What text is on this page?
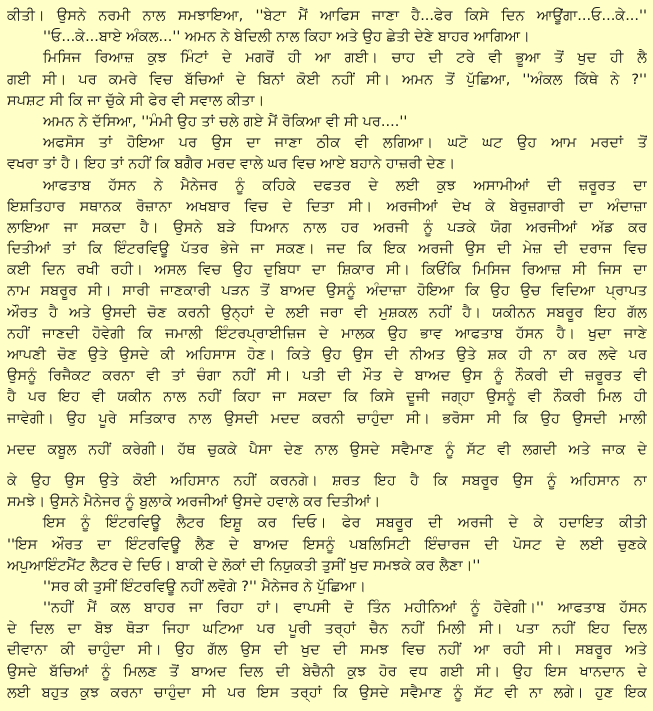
ਕੀਤੀ। ਉਸਨੇ ਨਰਮੀ ਨਾਲ ਸਮਝਾਇਆ, ''ਬੇਟਾ ਮੈਂ ਆਫਿਸ ਜਾਣਾ ਹੈ...ਫੇਰ ਕਿਸੇ ਦਿਨ ਆਊਂਗਾ...ਓ...ਕੇ...''
''ਓ...ਕੇ...ਬਾਏ ਅੰਕਲ...'' ਅਮਨ ਨੇ ਬੇਦਿਲੀ ਨਾਲ ਕਿਹਾ ਅਤੇ ਉਹ ਛੇਤੀ ਦੇਣੇ ਬਾਹਰ ਆਗਿਆ।
ਮਿਸਿਜ ਰਿਆਜ਼ ਕੁਝ ਮਿੰਟਾਂ ਦੇ ਮਗਰੋਂ ਹੀ ਆ ਗਈ। ਚਾਹ ਦੀ ਟਰੇ ਵੀ ਭੂਆ ਤੋਂ ਖੁਦ ਹੀ ਲੈ
ਗਈ ਸੀ। ਪਰ ਕਮਰੇ ਵਿਚ ਬੱਚਿਆਂ ਦੇ ਬਿਨਾਂ ਕੋਈ ਨਹੀਂ ਸੀ। ਅਮਨ ਤੋਂ ਪੁੱਛਿਆ, ''ਅੰਕਲ ਕਿੱਥੇ ਨੇ ?''
ਸਪਸ਼ਟ ਸੀ ਕਿ ਜਾ ਚੁੱਕੇ ਸੀ ਫੇਰ ਵੀ ਸਵਾਲ ਕੀਤਾ।
ਅਮਨ ਨੇ ਦੱਸਿਆ, ''ਮੰਮੀ ਉਹ ਤਾਂ ਚਲੇ ਗਏ ਮੈਂ ਰੋਕਿਆ ਵੀ ਸੀ ਪਰ....''
ਅਫਸੋਸ ਤਾਂ ਹੋਇਆ ਪਰ ਉਸ ਦਾ ਜਾਣਾ ਠੀਕ ਵੀ ਲਗਿਆ। ਘਟੋ ਘਟ ਉਹ ਆਮ ਮਰਦਾਂ ਤੋਂ
ਵਖਰਾ ਤਾਂ ਹੈ। ਇਹ ਤਾਂ ਨਹੀਂ ਕਿ ਬਗੈਰ ਮਰਦ ਵਾਲੇ ਘਰ ਵਿਚ ਆਏ ਬਹਾਨੇ ਹਾਜ਼ਰੀ ਦੇਣ।
ਆਫਤਾਬ ਹੱਸਨ ਨੇ ਮੈਨੇਜਰ ਨੂੰ ਕਹਿਕੇ ਦਫਤਰ ਦੇ ਲਈ ਕੁਝ ਅਸਾਮੀਆਂ ਦੀ ਜ਼ਰੂਰਤ ਦਾ
ਇਸ਼ਤਿਹਾਰ ਸਥਾਨਕ ਰੋਜ਼ਾਨਾ ਅਖਬਾਰ ਵਿਚ ਦੇ ਦਿਤਾ ਸੀ। ਅਰਜੀਆਂ ਦੇਖ ਕੇ ਬੇਰੁਜ਼ਗਾਰੀ ਦਾ ਅੰਦਾਜ਼ਾ
ਲਾਇਆ ਜਾ ਸਕਦਾ ਹੈ। ਉਸਨੇ ਬੜੇ ਧਿਆਨ ਨਾਲ ਹਰ ਅਰਜੀ ਨੂੰ ਪੜਕੇ ਯੋਗ ਅਰਜੀਆਂ ਅੱਡ ਕਰ
ਦਿਤੀਆਂ ਤਾਂ ਕਿ ਇੰਟਰਵਿਊ ਪੱਤਰ ਭੇਜੇ ਜਾ ਸਕਣ। ਜਦ ਕਿ ਇਕ ਅਰਜੀ ਉਸ ਦੀ ਮੇਜ਼ ਦੀ ਦਰਾਜ ਵਿਚ
ਕਈ ਦਿਨ ਰਖੀ ਰਹੀ। ਅਸਲ ਵਿਚ ਉਹ ਦੁਬਿਧਾ ਦਾ ਸ਼ਿਕਾਰ ਸੀ। ਕਿਓਂਕਿ ਮਿਸਿਜ ਰਿਆਜ਼ ਸੀ ਜਿਸ ਦਾ
ਨਾਮ ਸਬਰੂਰ ਸੀ। ਸਾਰੀ ਜਾਣਕਾਰੀ ਪੜਨ ਤੋਂ ਬਾਅਦ ਉਸਨੂੰ ਅੰਦਾਜ਼ਾ ਹੋਇਆ ਕਿ ਉਹ ਉਚ ਵਿਦਿਆ ਪ੍ਰਾਪਤ
ਔਰਤ ਹੈ ਅਤੇ ਉਸਦੀ ਚੋਣ ਕਰਨੀ ਉਨ੍ਹਾਂ ਦੇ ਲਈ ਜਰਾ ਵੀ ਮੁਸ਼ਕਲ ਨਹੀਂ ਹੈ। ਯਕੀਨਨ ਸਬਰੂਰ ਇਹ ਗੱਲ
ਨਹੀਂ ਜਾਣਦੀ ਹੋਵੇਗੀ ਕਿ ਜਮਾਲੀ ਇੰਟਰਪ੍ਰਾਈਜ਼ਿਜ ਦੇ ਮਾਲਕ ਉਹ ਭਾਵ ਆਫਤਾਬ ਹੱਸਨ ਹੈ। ਖੁਦਾ ਜਾਣੇ
ਆਪਣੀ ਚੋਣ ਉਤੇ ਉਸਦੇ ਕੀ ਅਹਿਸਾਸ ਹੋਣ। ਕਿਤੇ ਉਹ ਉਸ ਦੀ ਨੀਅਤ ਉਤੇ ਸ਼ਕ ਹੀ ਨਾ ਕਰ ਲਵੇ ਪਰ
ਉਸਨੂੰ ਰਿਜੈਕਟ ਕਰਨਾ ਵੀ ਤਾਂ ਚੰਗਾ ਨਹੀਂ ਸੀ। ਪਤੀ ਦੀ ਮੌਤ ਦੇ ਬਾਅਦ ਉਸ ਨੂੰ ਨੌਕਰੀ ਦੀ ਜ਼ਰੂਰਤ ਵੀ
ਹੈ ਪਰ ਇਹ ਵੀ ਯਕੀਨ ਨਾਲ ਨਹੀਂ ਕਿਹਾ ਜਾ ਸਕਦਾ ਕਿ ਕਿਸੇ ਦੂਜੀ ਜਗ੍ਹਾ ਉਸਨੂੰ ਵੀ ਨੌਕਰੀ ਮਿਲ ਹੀ
ਜਾਵੇਗੀ। ਉਹ ਪੂਰੇ ਸਤਿਕਾਰ ਨਾਲ ਉਸਦੀ ਮਦਦ ਕਰਨੀ ਚਾਹੁੰਦਾ ਸੀ। ਭਰੋਸਾ ਸੀ ਕਿ ਉਹ ਉਸਦੀ ਮਾਲੀ
ਮਦਦ ਕਬੂਲ ਨਹੀਂ ਕਰੇਗੀ। ਹੱਥ ਚੁਕਕੇ ਪੈਸਾ ਦੇਣ ਨਾਲ ਉਸਦੇ ਸਵੈਮਾਣ ਨੂੰ ਸੱਟ ਵੀ ਲਗਦੀ ਅਤੇ ਜਾਕ ਦੇ
ਕੇ ਉਹ ਉਸ ਉਤੇ ਕੋਈ ਅਹਿਸਾਨ ਨਹੀਂ ਕਰਨਗੇ। ਸ਼ਰਤ ਇਹ ਹੈ ਕਿ ਸਬਰੂਰ ਉਸ ਨੂੰ ਅਹਿਸਾਨ ਨਾ
ਸਮਝੇ। ਉਸਨੇ ਮੈਨੇਜਰ ਨੂੰ ਬੁਲਾਕੇ ਅਰਜੀਆਂ ਉਸਦੇ ਹਵਾਲੇ ਕਰ ਦਿਤੀਆਂ।
ਇਸ ਨੂੰ ਇੰਟਰਵਿਊ ਲੈਟਰ ਇਸ਼ੂ ਕਰ ਦਿਓ। ਫੇਰ ਸਬਰੂਰ ਦੀ ਅਰਜੀ ਦੇ ਕੇ ਹਦਾਇਤ ਕੀਤੀ
''ਇਸ ਔਰਤ ਦਾ ਇੰਟਰਵਿਊ ਲੈਣ ਦੇ ਬਾਅਦ ਇਸਨੂੰ ਪਬਲਿਸਿਟੀ ਇੰਚਾਰਜ ਦੀ ਪੋਸਟ ਦੇ ਲਈ ਚੁਣਕੇ
ਅਪੁਆਇੰਟਮੈਂਟ ਲੈਟਰ ਦੇ ਦਿਓ। ਬਾਕੀ ਦੇ ਲੋਕਾਂ ਦੀ ਨਿਯੁਕਤੀ ਤੁਸੀਂ ਖੁਦ ਸਮਝਕੇ ਕਰ ਲੈਣਾ।''
''ਸਰ ਕੀ ਤੁਸੀਂ ਇੰਟਰਵਿਊ ਨਹੀਂ ਲਵੋਗੇ ?'' ਮੈਨੇਜਰ ਨੇ ਪੁੱਛਿਆ।
''ਨਹੀਂ ਮੈਂ ਕਲ ਬਾਹਰ ਜਾ ਰਿਹਾ ਹਾਂ। ਵਾਪਸੀ ਦੋ ਤਿੰਨ ਮਹੀਨਿਆਂ ਨੂੰ ਹੋਵੇਗੀ।'' ਆਫਤਾਬ ਹੱਸਨ
ਦੇ ਦਿਲ ਦਾ ਬੋਝ ਥੋੜਾ ਜਿਹਾ ਘਟਿਆ ਪਰ ਪੂਰੀ ਤਰ੍ਹਾਂ ਚੈਨ ਨਹੀਂ ਮਿਲੀ ਸੀ। ਪਤਾ ਨਹੀਂ ਇਹ ਦਿਲ
ਦੀਵਾਨਾ ਕੀ ਚਾਹੁੰਦਾ ਸੀ। ਉਹ ਗੱਲ ਉਸ ਦੀ ਖੁਦ ਦੀ ਸਮਝ ਵਿਚ ਨਹੀਂ ਆ ਰਹੀ ਸੀ। ਸਬਰੂਰ ਅਤੇ
ਉਸਦੇ ਬੱਚਿਆਂ ਨੂੰ ਮਿਲਣ ਤੋਂ ਬਾਅਦ ਦਿਲ ਦੀ ਬੇਚੈਨੀ ਕੁਝ ਹੋਰ ਵਧ ਗਈ ਸੀ। ਉਹ ਇਸ ਖਾਨਦਾਨ ਦੇ
ਲਈ ਬਹੁਤ ਕੁਝ ਕਰਨਾ ਚਾਹੁੰਦਾ ਸੀ ਪਰ ਇਸ ਤਰ੍ਹਾਂ ਕਿ ਉਸਦੇ ਸਵੈਮਾਣ ਨੂੰ ਸੱਟ ਵੀ ਨਾ ਲਗੇ। ਹੁਣ ਇਕ
